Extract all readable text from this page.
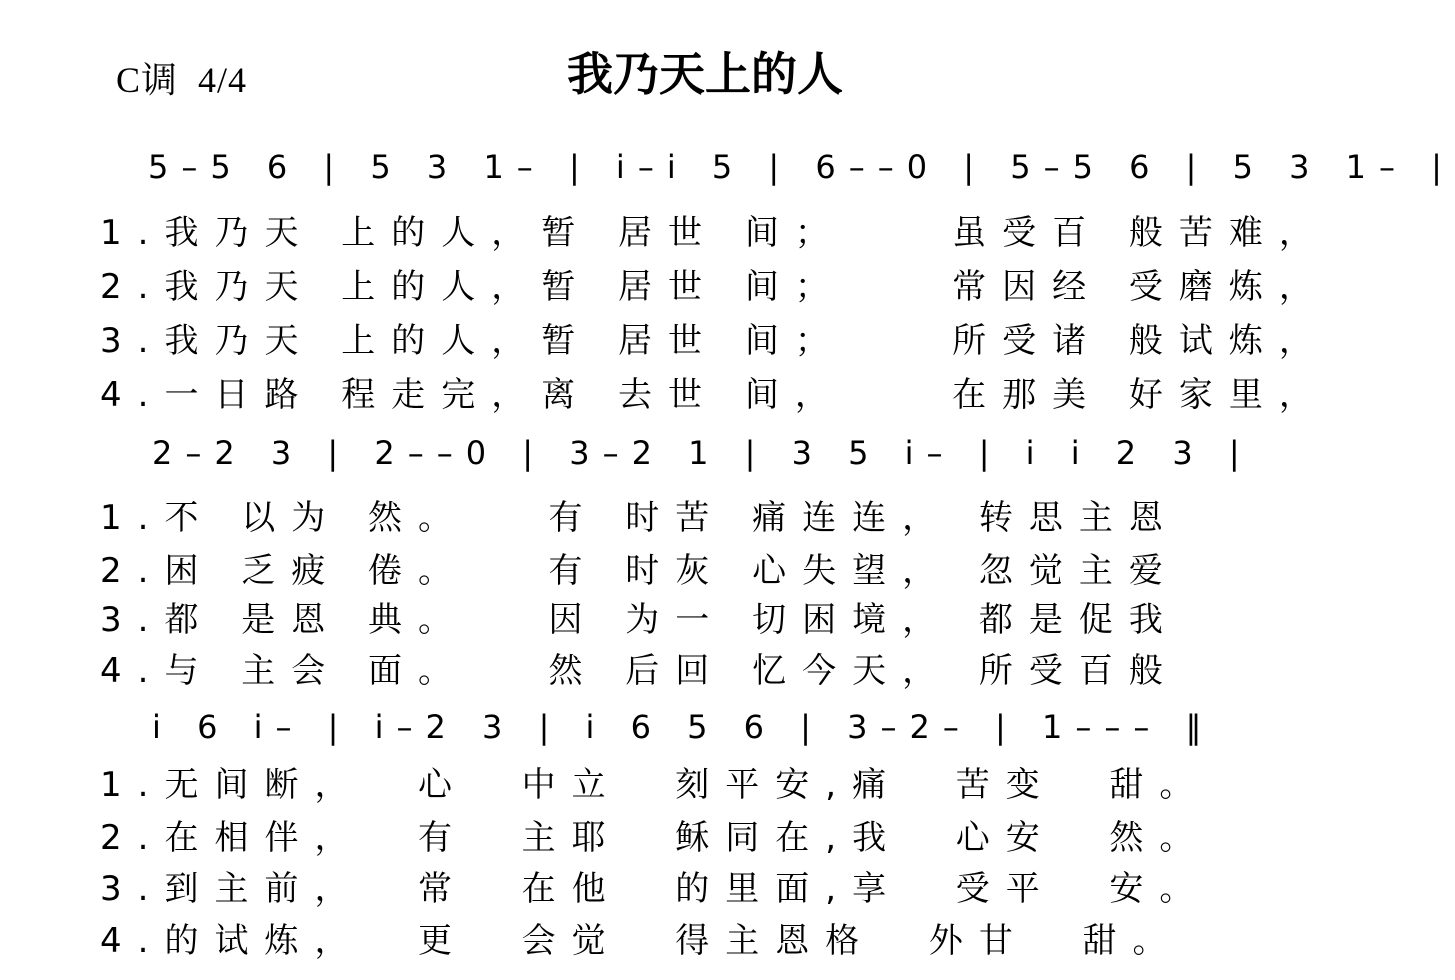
C调  4/4	我乃天上的人
5–5 6 | 5 3 1– | i–i 5 | 6––0 | 5–5 6 | 5 3 1– |
1.我乃天 上的人，暂 居世 间；    虽受百 般苦难，
2.我乃天 上的人，暂 居世 间；    常因经 受磨炼，
3.我乃天 上的人，暂 居世 间；    所受诸 般试炼，
4.一日路 程走完，离 去世 间，    在那美 好家里，
2–2 3 | 2––0 | 3–2 1 | 3 5 i– | i i 2 3 |
1.不 以为 然。   有 时苦 痛连连， 转思主恩
2.困 乏疲 倦。   有 时灰 心失望， 忽觉主爱
3.都 是恩 典。   因 为一 切困境， 都是促我
4.与 主会 面。   然 后回 忆今天， 所受百般
i 6 i– | i–2 3 | i 6 5 6 | 3–2– | 1––– ‖
1.无间断，  心  中立  刻平安,痛  苦变  甜。
2.在相伴，  有  主耶  稣同在,我  心安  然。
3.到主前，  常  在他  的里面,享  受平  安。
4.的试炼，  更  会觉  得主恩格  外甘  甜。
